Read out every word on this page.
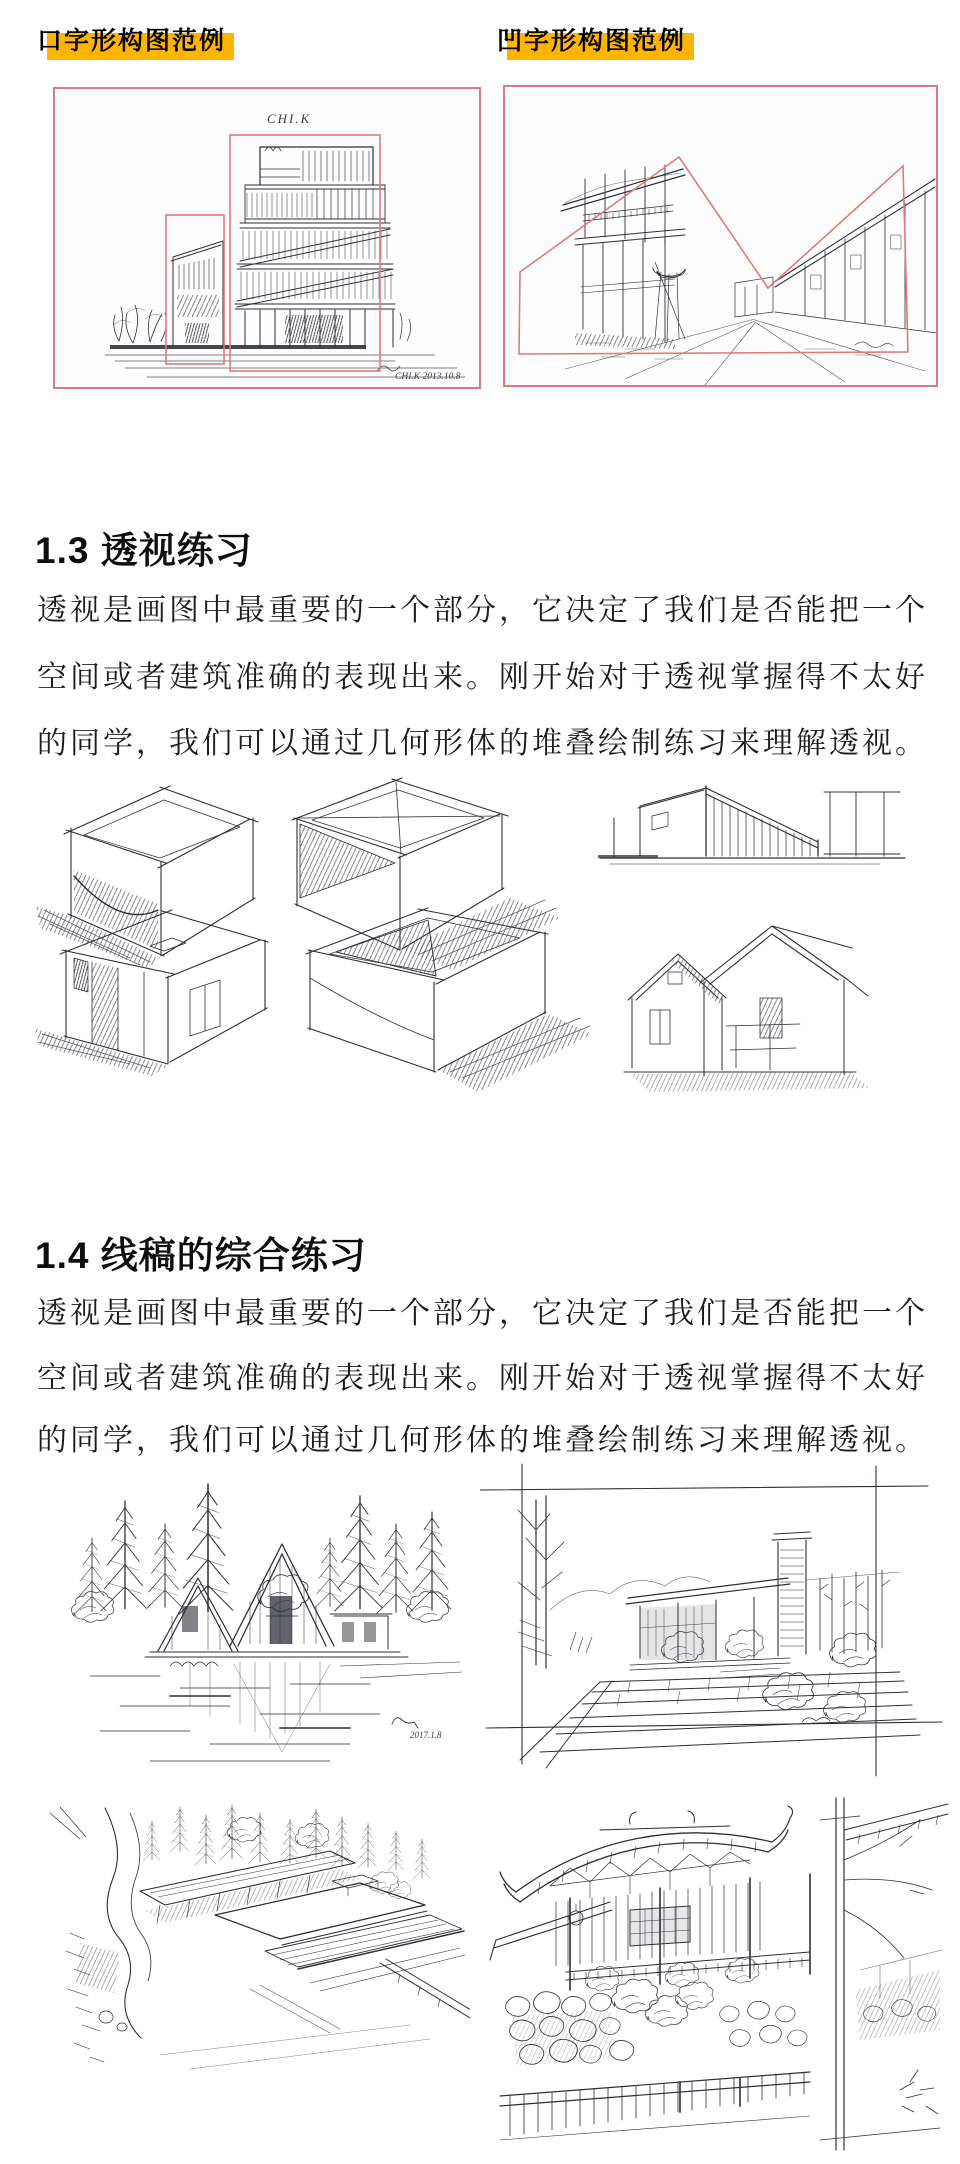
口字形构图范例	凹字形构图范例
CHI.K
CHI.K 2013.10.8
1.3 透视练习

透视是画图中最重要的一个部分，它决定了我们是否能把一个

空间或者建筑准确的表现出来。刚开始对于透视掌握得不太好

的同学，我们可以通过几何形体的堆叠绘制练习来理解透视。

1.4 线稿的综合练习

透视是画图中最重要的一个部分，它决定了我们是否能把一个

空间或者建筑准确的表现出来。刚开始对于透视掌握得不太好

的同学，我们可以通过几何形体的堆叠绘制练习来理解透视。

2017.1.8
